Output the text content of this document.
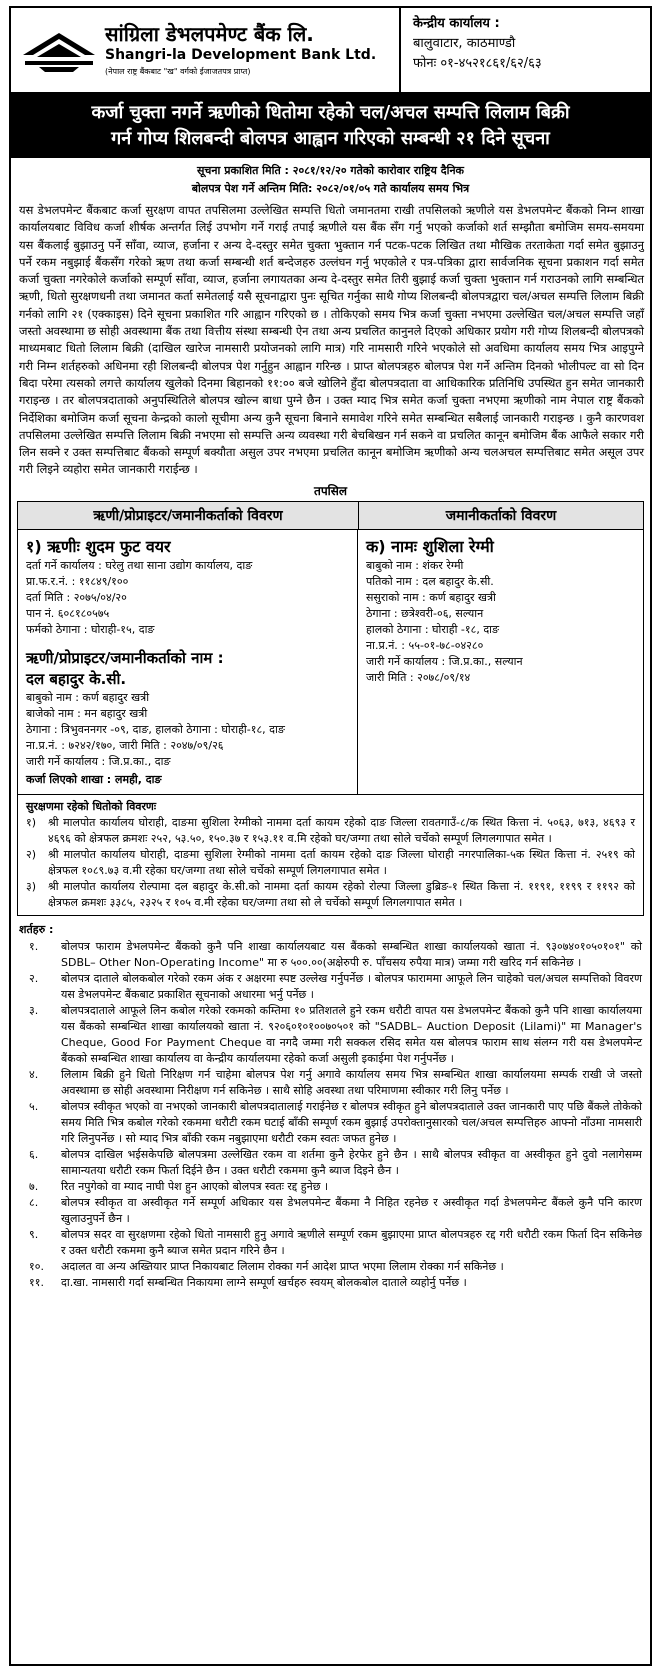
सांग्रिला डेभलपमेण्ट बैंक लि.
Shangri-la Development Bank Ltd.
(नेपाल राष्ट्र बैंकबाट "ख" वर्गको ईजाजतपत्र प्राप्त)
केन्द्रीय कार्यालय :
बालुवाटार, काठमाण्डौ
फोनः ०१-४५२१८६१/६२/६३
कर्जा चुक्ता नगर्ने ऋणीको धितोमा रहेको चल/अचल सम्पत्ति लिलाम बिक्री
गर्न गोप्य शिलबन्दी बोलपत्र आह्वान गरिएको सम्बन्धी २१ दिने सूचना
सूचना प्रकाशित मिति : २०८१/१२/२० गतेको कारोवार राष्ट्रिय दैनिक
बोलपत्र पेश गर्ने अन्तिम मिति: २०८२/०१/०५ गते कार्यालय समय भित्र
यस डेभलपमेन्ट बैंकबाट कर्जा सुरक्षण वापत तपसिलमा उल्लेखित सम्पत्ति धितो जमानतमा राखी तपसिलको ऋणीले यस डेभलपमेन्ट बैंकको निम्न शाखा कार्यालयबाट विविध कर्जा शीर्षक अन्तर्गत लिई उपभोग गर्ने गराई तपाई ऋणीले यस बैंक सँग गर्नु भएको कर्जाको शर्त सम्झौता बमोजिम समय-समयमा यस बैंकलाई बुझाउनु पर्ने साँवा, व्याज, हर्जाना र अन्य दे-दस्तुर समेत चुक्ता भुक्तान गर्न पटक-पटक लिखित तथा मौखिक तरताकेता गर्दा समेत बुझाउनु पर्ने रकम नबुझाई बैंकसँग गरेको ऋण तथा कर्जा सम्बन्धी शर्त बन्देजहरु उल्लंघन गर्नु भएकोले र पत्र-पत्रिका द्वारा सार्वजनिक सूचना प्रकाशन गर्दा समेत कर्जा चुक्ता नगरेकोले कर्जाको सम्पूर्ण साँवा, व्याज, हर्जाना लगायतका अन्य दे-दस्तुर समेत तिरी बुझाई कर्जा चुक्ता भुक्तान गर्न गराउनको लागि सम्बन्धित ऋणी, धितो सुरक्षणधनी तथा जमानत कर्ता समेतलाई यसै सूचनाद्वारा पुनः सूचित गर्नुका साथै गोप्य शिलबन्दी बोलपत्रद्वारा चल/अचल सम्पत्ति लिलाम बिक्री गर्नको लागि २१ (एक्काइस) दिने सूचना प्रकाशित गरि आह्वान गरिएको छ । तोकिएको समय भित्र कर्जा चुक्ता नभएमा उल्लेखित चल/अचल सम्पत्ति जहाँ जस्तो अवस्थामा छ सोही अवस्थामा बैंक तथा वित्तीय संस्था सम्बन्धी ऐन तथा अन्य प्रचलित कानुनले दिएको अधिकार प्रयोग गरी गोप्य शिलबन्दी बोलपत्रको माध्यमबाट धितो लिलाम बिक्री (दाखिल खारेज नामसारी प्रयोजनको लागि मात्र) गरि नामसारी गरिने भएकोले सो अवधिमा कार्यालय समय भित्र आइपुग्ने गरी निम्न शर्तहरुको अधिनमा रही शिलबन्दी बोलपत्र पेश गर्नुहुन आह्वान गरिन्छ । प्राप्त बोलपत्रहरु बोलपत्र पेश गर्ने अन्तिम दिनको भोलीपल्ट वा सो दिन बिदा परेमा त्यसको लगत्ते कार्यालय खुलेको दिनमा बिहानको ११:०० बजे खोलिने हुँदा बोलपत्रदाता वा आधिकारिक प्रतिनिधि उपस्थित हुन समेत जानकारी गराइन्छ । तर बोलपत्रदाताको अनुपस्थितिले बोलपत्र खोल्न बाधा पुग्ने छैन । उक्त म्याद भित्र समेत कर्जा चुक्ता नभएमा ऋणीको नाम नेपाल राष्ट्र बैंकको निर्देशिका बमोजिम कर्जा सूचना केन्द्रको कालो सूचीमा अन्य कुनै सूचना बिनाने समावेश गरिने समेत सम्बन्धित सबैलाई जानकारी गराइन्छ । कुनै कारणवश तपसिलमा उल्लेखित सम्पत्ति लिलाम बिक्री नभएमा सो सम्पत्ति अन्य व्यवस्था गरी बेचबिखन गर्न सकने वा प्रचलित कानून बमोजिम बैंक आफैले सकार गरी लिन सक्ने र उक्त सम्पत्तिबाट बैंकको सम्पूर्ण बक्यौता असुल उपर नभएमा प्रचलित कानून बमोजिम ऋणीको अन्य चलअचल सम्पत्तिबाट समेत असूल उपर गरी लिइने व्यहोरा समेत जानकारी गराईन्छ ।
तपसिल
ऋणी/प्रोप्राइटर/जमानीकर्ताको विवरण	जमानीकर्ताको विवरण
१) ऋणीः शुदम फुट वयर
दर्ता गर्ने कार्यालय : घरेलु तथा साना उद्योग कार्यालय, दाङ
प्रा.फ.र.नं. : ११८४९/१००
दर्ता मिति : २०७५/०४/२०
पान नं. ६०८१८०५७५
फर्मको ठेगाना : घोराही-१५, दाङ
ऋणी/प्रोप्राइटर/जमानीकर्ताको नाम :
दल बहादुर के.सी.
बाबुको नाम : कर्ण बहादुर खत्री
बाजेको नाम : मन बहादुर खत्री
ठेगाना : त्रिभुवननगर -०९, दाङ, हालको ठेगाना : घोराही-१८, दाङ
ना.प्र.नं. : ७२४२/१७०, जारी मिति : २०४७/०९/२६
जारी गर्ने कार्यालय : जि.प्र.का., दाङ
कर्जा लिएको शाखा : लमही, दाङ
क) नामः शुशिला रेग्मी
बाबुको नाम : शंकर रेग्मी
पतिको नाम : दल बहादुर के.सी.
ससुराको नाम : कर्ण बहादुर खत्री
ठेगाना : छत्रेश्वरी-०६, सल्यान
हालको ठेगाना : घोराही -१८, दाङ
ना.प्र.नं. : ५५-०१-७८-०४२८०
जारी गर्ने कार्यालय : जि.प्र.का., सल्यान
जारी मिति : २०७८/०९/१४
सुरक्षणमा रहेको धितोको विवरणः
१)	श्री मालपोत कार्यालय घोराही, दाङमा सुशिला रेग्मीको नाममा दर्ता कायम रहेको दाङ जिल्ला रावतगाउँ-८/क स्थित कित्ता नं. ५०६३, ७१३, ४६९३ र ४६९६ को क्षेत्रफल क्रमशः २५२, ५३.५०, १५०.३७ र १५३.११ व.मि रहेको घर/जग्गा तथा सोले चर्चेको सम्पूर्ण लिगलगापात समेत ।
२)	श्री मालपोत कार्यालय घोराही, दाङमा सुशिला रेग्मीको नाममा दर्ता कायम रहेको दाङ जिल्ला घोराही नगरपालिका-५क स्थित कित्ता नं. २५१९ को क्षेत्रफल १०८९.७३ व.मी रहेका घर/जग्गा तथा सोले चर्चेको सम्पूर्ण लिगलगापात समेत ।
३)	श्री मालपोत कार्यालय रोल्पामा दल बहादुर के.सी.को नाममा दर्ता कायम रहेको रोल्पा जिल्ला डुब्रिङ-१ स्थित कित्ता नं. ११९१, ११९९ र ११९२ को क्षेत्रफल क्रमशः ३३८५, २३२५ र १०५ व.मी रहेका घर/जग्गा तथा सो ले चर्चेको सम्पूर्ण लिगलगापात समेत ।
शर्तहरु :
१.	बोलपत्र फाराम डेभलपमेन्ट बैंकको कुनै पनि शाखा कार्यालयबाट यस बैंकको सम्बन्धित शाखा कार्यालयको खाता नं. ९३०७४०१०५०१०१" को SDBL– Other Non-Operating Income" मा रु ५००.००(अक्षेरुपी रु. पाँचसय रुपैया मात्र) जम्मा गरी खरिद गर्न सकिनेछ ।
२.	बोलपत्र दाताले बोलकबोल गरेको रकम अंक र अक्षरमा स्पष्ट उल्लेख गर्नुपर्नेछ । बोलपत्र फाराममा आफूले लिन चाहेको चल/अचल सम्पत्तिको विवरण यस डेभलपमेन्ट बैंकबाट प्रकाशित सूचनाको अधारमा भर्नु पर्नेछ ।
३.	बोलपत्रदाताले आफूले लिन कबोल गरेको रकमको कम्तिमा १० प्रतिशतले हुने रकम धरौटी वापत यस डेभलपमेन्ट बैंकको कुनै पनि शाखा कार्यालयमा यस बैंकको सम्बन्धित शाखा कार्यालयको खाता नं. ९२०६०१०१००७०५०१ को "SADBL– Auction Deposit (Lilami)" मा Manager's Cheque, Good For Payment Cheque वा नगदै जम्मा गरी सक्कल रसिद समेत यस बोलपत्र फाराम साथ संलग्न गरी यस डेभलपमेन्ट बैंकको सम्बन्धित शाखा कार्यालय वा केन्द्रीय कार्यालयमा रहेको कर्जा असुली इकाईमा पेश गर्नुपर्नेछ ।
४.	लिलाम बिक्री हुने धितो निरिक्षण गर्न चाहेमा बोलपत्र पेश गर्नु अगावे कार्यालय समय भित्र सम्बन्धित शाखा कार्यालयमा सम्पर्क राखी जे जस्तो अवस्थामा छ सोही अवस्थामा निरीक्षण गर्न सकिनेछ । साथै सोहि अवस्था तथा परिमाणमा स्वीकार गरी लिनु पर्नेछ ।
५.	बोलपत्र स्वीकृत भएको वा नभएको जानकारी बोलपत्रदातालाई गराईनेछ र बोलपत्र स्वीकृत हुने बोलपत्रदाताले उक्त जानकारी पाए पछि बैंकले तोकेको समय मिति भित्र कबोल गरेको रकममा धरौटी रकम घटाई बाँकी सम्पूर्ण रकम बुझाई उपरोक्तानुसारको चल/अचल सम्पत्तिहरु आफ्नो नाँउमा नामसारी गरि लिनुपर्नेछ । सो म्याद भित्र बाँकी रकम नबुझाएमा धरौटी रकम स्वतः जफत हुनेछ ।
६.	बोलपत्र दाखिल भईसकेपछि बोलपत्रमा उल्लेखित रकम वा शर्तमा कुनै हेरफेर हुने छैन । साथै बोलपत्र स्वीकृत वा अस्वीकृत हुने दुवो नलागेसम्म सामान्यतया धरौटी रकम फिर्ता दिईने छैन । उक्त धरौटी रकममा कुनै ब्याज दिइने छैन ।
७.	रित नपुगेको वा म्याद नाघी पेश हुन आएको बोलपत्र स्वतः रद्द हुनेछ ।
८.	बोलपत्र स्वीकृत वा अस्वीकृत गर्ने सम्पूर्ण अधिकार यस डेभलपमेन्ट बैंकमा नै निहित रहनेछ र अस्वीकृत गर्दा डेभलपमेन्ट बैंकले कुनै पनि कारण खुलाउनुपर्ने छैन ।
९.	बोलपत्र सदर वा सुरक्षणमा रहेको धितो नामसारी हुनु अगावे ऋणीले सम्पूर्ण रकम बुझाएमा प्राप्त बोलपत्रहरु रद्द गरी धरौटी रकम फिर्ता दिन सकिनेछ र उक्त धरौटी रकममा कुनै ब्याज समेत प्रदान गरिने छैन ।
१०.	अदालत वा अन्य अख्तियार प्राप्त निकायबाट लिलाम रोक्का गर्न आदेश प्राप्त भएमा लिलाम रोक्का गर्न सकिनेछ ।
११.	दा.खा. नामसारी गर्दा सम्बन्धित निकायमा लाग्ने सम्पूर्ण खर्चहरु स्वयम् बोलकबोल दाताले व्यहोर्नु पर्नेछ ।
